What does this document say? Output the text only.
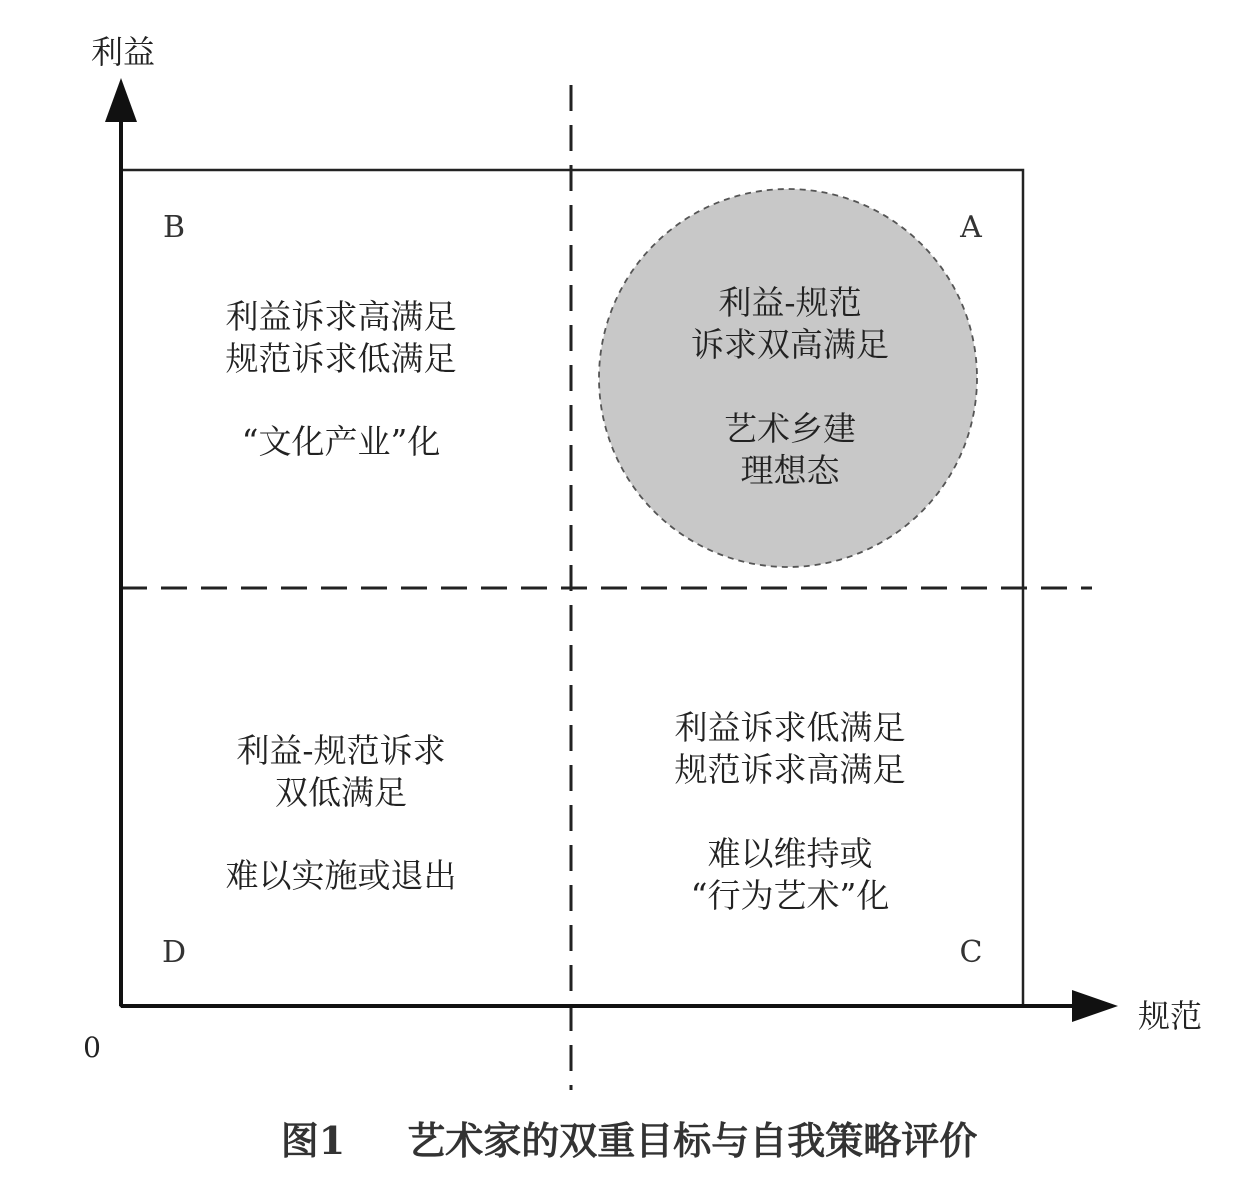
利益
规范
0
B	A
D	C
利益诉求高满足
规范诉求低满足
“文化产业”化
利益-规范
诉求双高满足
艺术乡建
理想态
利益-规范诉求
双低满足
难以实施或退出
利益诉求低满足
规范诉求高满足
难以维持或
“行为艺术”化
图1 艺术家的双重目标与自我策略评价
